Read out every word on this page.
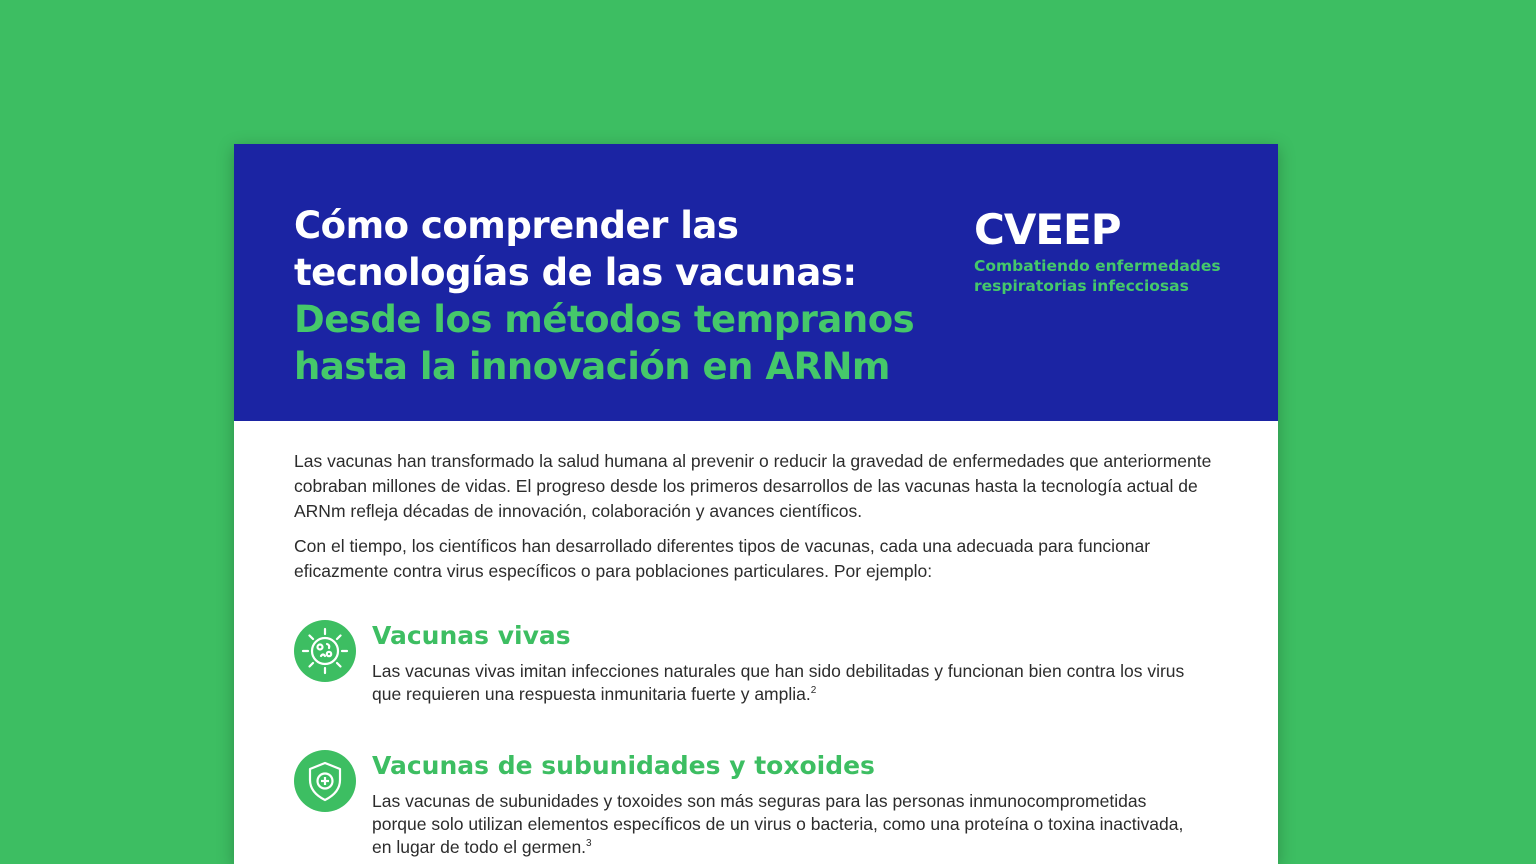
Cómo comprender las
tecnologías de las vacunas:
Desde los métodos tempranos
hasta la innovación en ARNm
CVEEP
Combatiendo enfermedades
respiratorias infecciosas
Las vacunas han transformado la salud humana al prevenir o reducir la gravedad de enfermedades que anteriormente cobraban millones de vidas. El progreso desde los primeros desarrollos de las vacunas hasta la tecnología actual de ARNm refleja décadas de innovación, colaboración y avances científicos.
Con el tiempo, los científicos han desarrollado diferentes tipos de vacunas, cada una adecuada para funcionar eficazmente contra virus específicos o para poblaciones particulares. Por ejemplo:
Vacunas vivas
Las vacunas vivas imitan infecciones naturales que han sido debilitadas y funcionan bien contra los virus que requieren una respuesta inmunitaria fuerte y amplia.$^2$
Vacunas de subunidades y toxoides
Las vacunas de subunidades y toxoides son más seguras para las personas inmunocomprometidas porque solo utilizan elementos específicos de un virus o bacteria, como una proteína o toxina inactivada, en lugar de todo el germen.$^3$
